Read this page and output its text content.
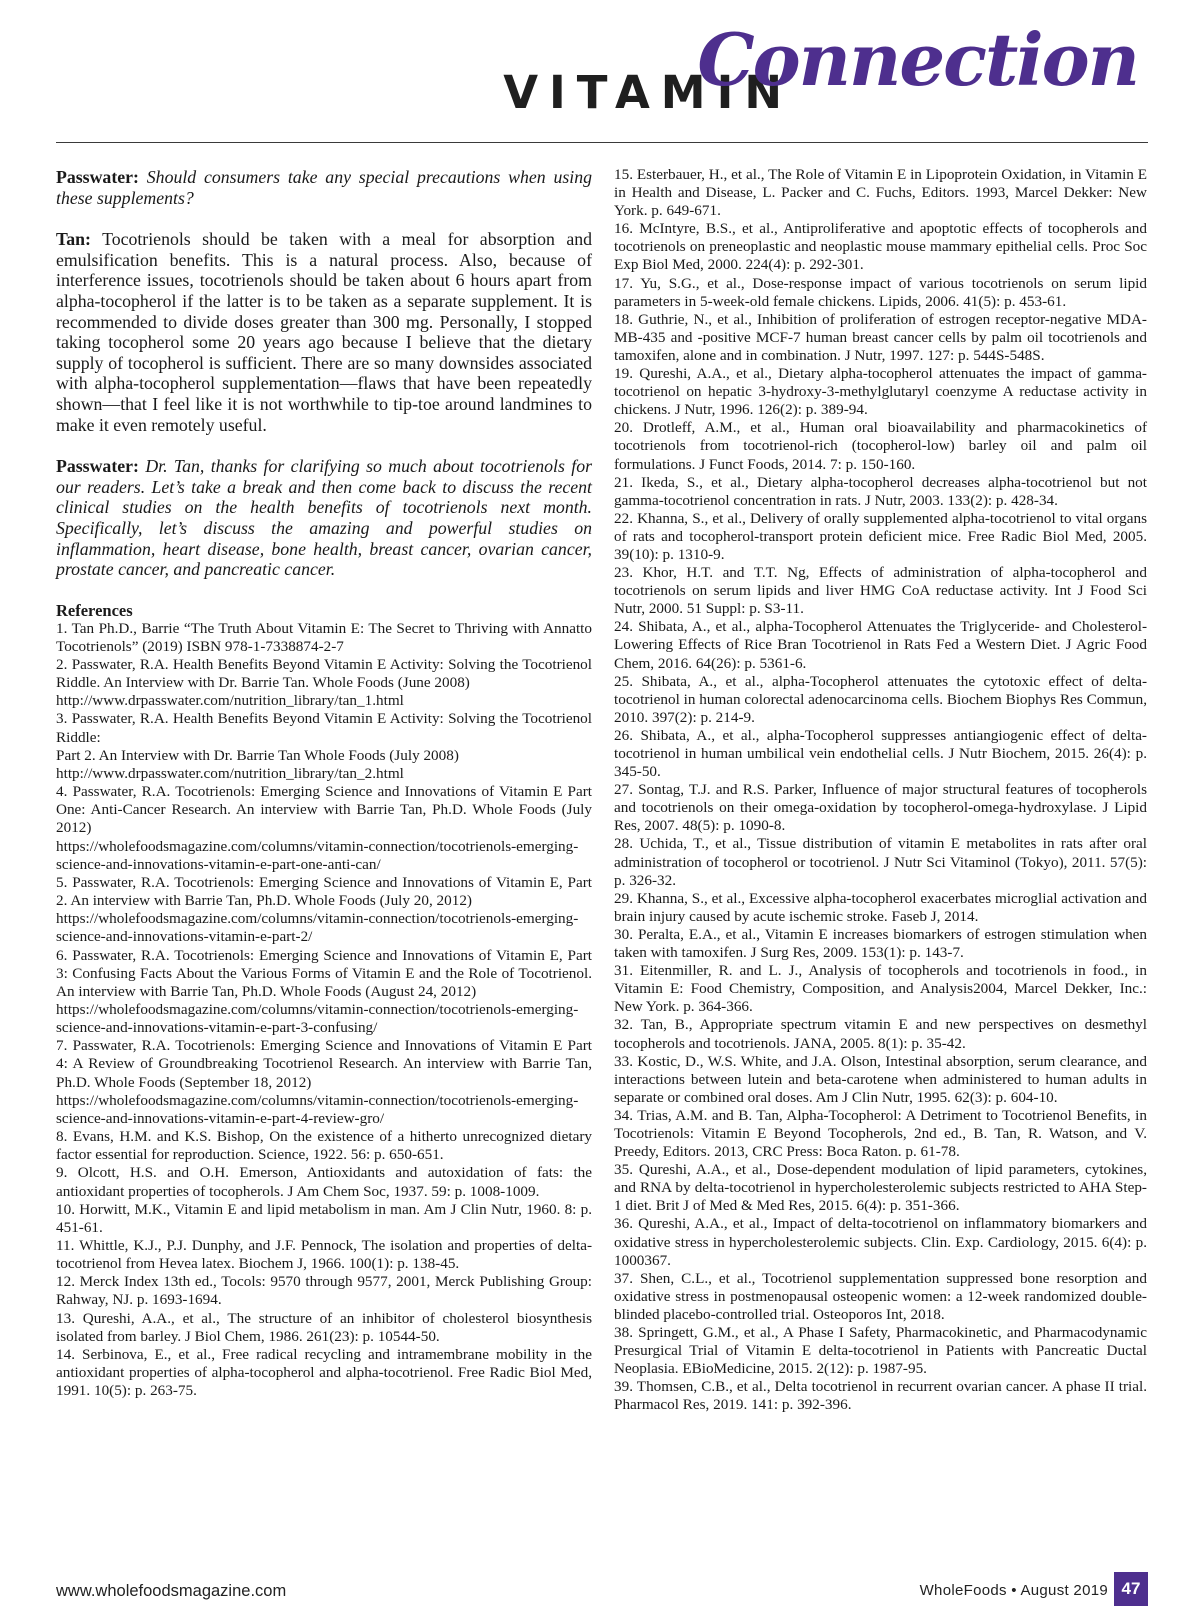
VITAMIN
Connection

Passwater: Should consumers take any special precautions when using these supplements?

Tan: Tocotrienols should be taken with a meal for absorption and emulsification benefits. This is a natural process. Also, because of interference issues, tocotrienols should be taken about 6 hours apart from alpha-tocopherol if the latter is to be taken as a separate supplement. It is recommended to divide doses greater than 300 mg. Personally, I stopped taking tocopherol some 20 years ago because I believe that the dietary supply of tocopherol is sufficient. There are so many downsides associated with alpha-tocopherol supplementation—flaws that have been repeatedly shown—that I feel like it is not worthwhile to tip-toe around landmines to make it even remotely useful.

Passwater: Dr. Tan, thanks for clarifying so much about tocotrienols for our readers. Let’s take a break and then come back to discuss the recent clinical studies on the health benefits of tocotrienols next month. Specifically, let’s discuss the amazing and powerful studies on inflammation, heart disease, bone health, breast cancer, ovarian cancer, prostate cancer, and pancreatic cancer.

References

1. Tan Ph.D., Barrie “The Truth About Vitamin E: The Secret to Thriving with Annatto Tocotrienols” (2019) ISBN 978-1-7338874-2-7

2. Passwater, R.A. Health Benefits Beyond Vitamin E Activity: Solving the Tocotrienol Riddle. An Interview with Dr. Barrie Tan. Whole Foods (June 2008)
http://www.drpasswater.com/nutrition_library/tan_1.html

3. Passwater, R.A. Health Benefits Beyond Vitamin E Activity: Solving the Tocotrienol Riddle:
Part 2. An Interview with Dr. Barrie Tan Whole Foods (July 2008)
http://www.drpasswater.com/nutrition_library/tan_2.html

4. Passwater, R.A. Tocotrienols: Emerging Science and Innovations of Vitamin E Part One: Anti-Cancer Research. An interview with Barrie Tan, Ph.D. Whole Foods (July 2012)
https://wholefoodsmagazine.com/columns/vitamin-connection/tocotrienols-emerging-science-and-innovations-vitamin-e-part-one-anti-can/

5. Passwater, R.A. Tocotrienols: Emerging Science and Innovations of Vitamin E, Part 2. An interview with Barrie Tan, Ph.D. Whole Foods (July 20, 2012)
https://wholefoodsmagazine.com/columns/vitamin-connection/tocotrienols-emerging-science-and-innovations-vitamin-e-part-2/

6. Passwater, R.A. Tocotrienols: Emerging Science and Innovations of Vitamin E, Part 3: Confusing Facts About the Various Forms of Vitamin E and the Role of Tocotrienol. An interview with Barrie Tan, Ph.D. Whole Foods (August 24, 2012)
https://wholefoodsmagazine.com/columns/vitamin-connection/tocotrienols-emerging-science-and-innovations-vitamin-e-part-3-confusing/

7. Passwater, R.A. Tocotrienols: Emerging Science and Innovations of Vitamin E Part 4: A Review of Groundbreaking Tocotrienol Research. An interview with Barrie Tan, Ph.D. Whole Foods (September 18, 2012)
https://wholefoodsmagazine.com/columns/vitamin-connection/tocotrienols-emerging-science-and-innovations-vitamin-e-part-4-review-gro/

8. Evans, H.M. and K.S. Bishop, On the existence of a hitherto unrecognized dietary factor essential for reproduction. Science, 1922. 56: p. 650-651.

9. Olcott, H.S. and O.H. Emerson, Antioxidants and autoxidation of fats: the antioxidant properties of tocopherols. J Am Chem Soc, 1937. 59: p. 1008-1009.

10. Horwitt, M.K., Vitamin E and lipid metabolism in man. Am J Clin Nutr, 1960. 8: p. 451-61.

11. Whittle, K.J., P.J. Dunphy, and J.F. Pennock, The isolation and properties of delta-tocotrienol from Hevea latex. Biochem J, 1966. 100(1): p. 138-45.

12. Merck Index 13th ed., Tocols: 9570 through 9577, 2001, Merck Publishing Group: Rahway, NJ. p. 1693-1694.

13. Qureshi, A.A., et al., The structure of an inhibitor of cholesterol biosynthesis isolated from barley. J Biol Chem, 1986. 261(23): p. 10544-50.

14. Serbinova, E., et al., Free radical recycling and intramembrane mobility in the antioxidant properties of alpha-tocopherol and alpha-tocotrienol. Free Radic Biol Med, 1991. 10(5): p. 263-75.

15. Esterbauer, H., et al., The Role of Vitamin E in Lipoprotein Oxidation, in Vitamin E in Health and Disease, L. Packer and C. Fuchs, Editors. 1993, Marcel Dekker: New York. p. 649-671.

16. McIntyre, B.S., et al., Antiproliferative and apoptotic effects of tocopherols and tocotrienols on preneoplastic and neoplastic mouse mammary epithelial cells. Proc Soc Exp Biol Med, 2000. 224(4): p. 292-301.

17. Yu, S.G., et al., Dose-response impact of various tocotrienols on serum lipid parameters in 5-week-old female chickens. Lipids, 2006. 41(5): p. 453-61.

18. Guthrie, N., et al., Inhibition of proliferation of estrogen receptor-negative MDA-MB-435 and -positive MCF-7 human breast cancer cells by palm oil tocotrienols and tamoxifen, alone and in combination. J Nutr, 1997. 127: p. 544S-548S.

19. Qureshi, A.A., et al., Dietary alpha-tocopherol attenuates the impact of gamma-tocotrienol on hepatic 3-hydroxy-3-methylglutaryl coenzyme A reductase activity in chickens. J Nutr, 1996. 126(2): p. 389-94.

20. Drotleff, A.M., et al., Human oral bioavailability and pharmacokinetics of tocotrienols from tocotrienol-rich (tocopherol-low) barley oil and palm oil formulations. J Funct Foods, 2014. 7: p. 150-160.

21. Ikeda, S., et al., Dietary alpha-tocopherol decreases alpha-tocotrienol but not gamma-tocotrienol concentration in rats. J Nutr, 2003. 133(2): p. 428-34.

22. Khanna, S., et al., Delivery of orally supplemented alpha-tocotrienol to vital organs of rats and tocopherol-transport protein deficient mice. Free Radic Biol Med, 2005. 39(10): p. 1310-9.

23. Khor, H.T. and T.T. Ng, Effects of administration of alpha-tocopherol and tocotrienols on serum lipids and liver HMG CoA reductase activity. Int J Food Sci Nutr, 2000. 51 Suppl: p. S3-11.

24. Shibata, A., et al., alpha-Tocopherol Attenuates the Triglyceride- and Cholesterol-Lowering Effects of Rice Bran Tocotrienol in Rats Fed a Western Diet. J Agric Food Chem, 2016. 64(26): p. 5361-6.

25. Shibata, A., et al., alpha-Tocopherol attenuates the cytotoxic effect of delta-tocotrienol in human colorectal adenocarcinoma cells. Biochem Biophys Res Commun, 2010. 397(2): p. 214-9.

26. Shibata, A., et al., alpha-Tocopherol suppresses antiangiogenic effect of delta-tocotrienol in human umbilical vein endothelial cells. J Nutr Biochem, 2015. 26(4): p. 345-50.

27. Sontag, T.J. and R.S. Parker, Influence of major structural features of tocopherols and tocotrienols on their omega-oxidation by tocopherol-omega-hydroxylase. J Lipid Res, 2007. 48(5): p. 1090-8.

28. Uchida, T., et al., Tissue distribution of vitamin E metabolites in rats after oral administration of tocopherol or tocotrienol. J Nutr Sci Vitaminol (Tokyo), 2011. 57(5): p. 326-32.

29. Khanna, S., et al., Excessive alpha-tocopherol exacerbates microglial activation and brain injury caused by acute ischemic stroke. Faseb J, 2014.

30. Peralta, E.A., et al., Vitamin E increases biomarkers of estrogen stimulation when taken with tamoxifen. J Surg Res, 2009. 153(1): p. 143-7.

31. Eitenmiller, R. and L. J., Analysis of tocopherols and tocotrienols in food., in Vitamin E: Food Chemistry, Composition, and Analysis2004, Marcel Dekker, Inc.: New York. p. 364-366.

32. Tan, B., Appropriate spectrum vitamin E and new perspectives on desmethyl tocopherols and tocotrienols. JANA, 2005. 8(1): p. 35-42.

33. Kostic, D., W.S. White, and J.A. Olson, Intestinal absorption, serum clearance, and interactions between lutein and beta-carotene when administered to human adults in separate or combined oral doses. Am J Clin Nutr, 1995. 62(3): p. 604-10.

34. Trias, A.M. and B. Tan, Alpha-Tocopherol: A Detriment to Tocotrienol Benefits, in Tocotrienols: Vitamin E Beyond Tocopherols, 2nd ed., B. Tan, R. Watson, and V. Preedy, Editors. 2013, CRC Press: Boca Raton. p. 61-78.

35. Qureshi, A.A., et al., Dose-dependent modulation of lipid parameters, cytokines, and RNA by delta-tocotrienol in hypercholesterolemic subjects restricted to AHA Step-1 diet. Brit J of Med & Med Res, 2015. 6(4): p. 351-366.

36. Qureshi, A.A., et al., Impact of delta-tocotrienol on inflammatory biomarkers and oxidative stress in hypercholesterolemic subjects. Clin. Exp. Cardiology, 2015. 6(4): p. 1000367.

37. Shen, C.L., et al., Tocotrienol supplementation suppressed bone resorption and oxidative stress in postmenopausal osteopenic women: a 12-week randomized double-blinded placebo-controlled trial. Osteoporos Int, 2018.

38. Springett, G.M., et al., A Phase I Safety, Pharmacokinetic, and Pharmacodynamic Presurgical Trial of Vitamin E delta-tocotrienol in Patients with Pancreatic Ductal Neoplasia. EBioMedicine, 2015. 2(12): p. 1987-95.

39. Thomsen, C.B., et al., Delta tocotrienol in recurrent ovarian cancer. A phase II trial. Pharmacol Res, 2019. 141: p. 392-396.

www.wholefoodsmagazine.com	WholeFoods • August 2019 47
